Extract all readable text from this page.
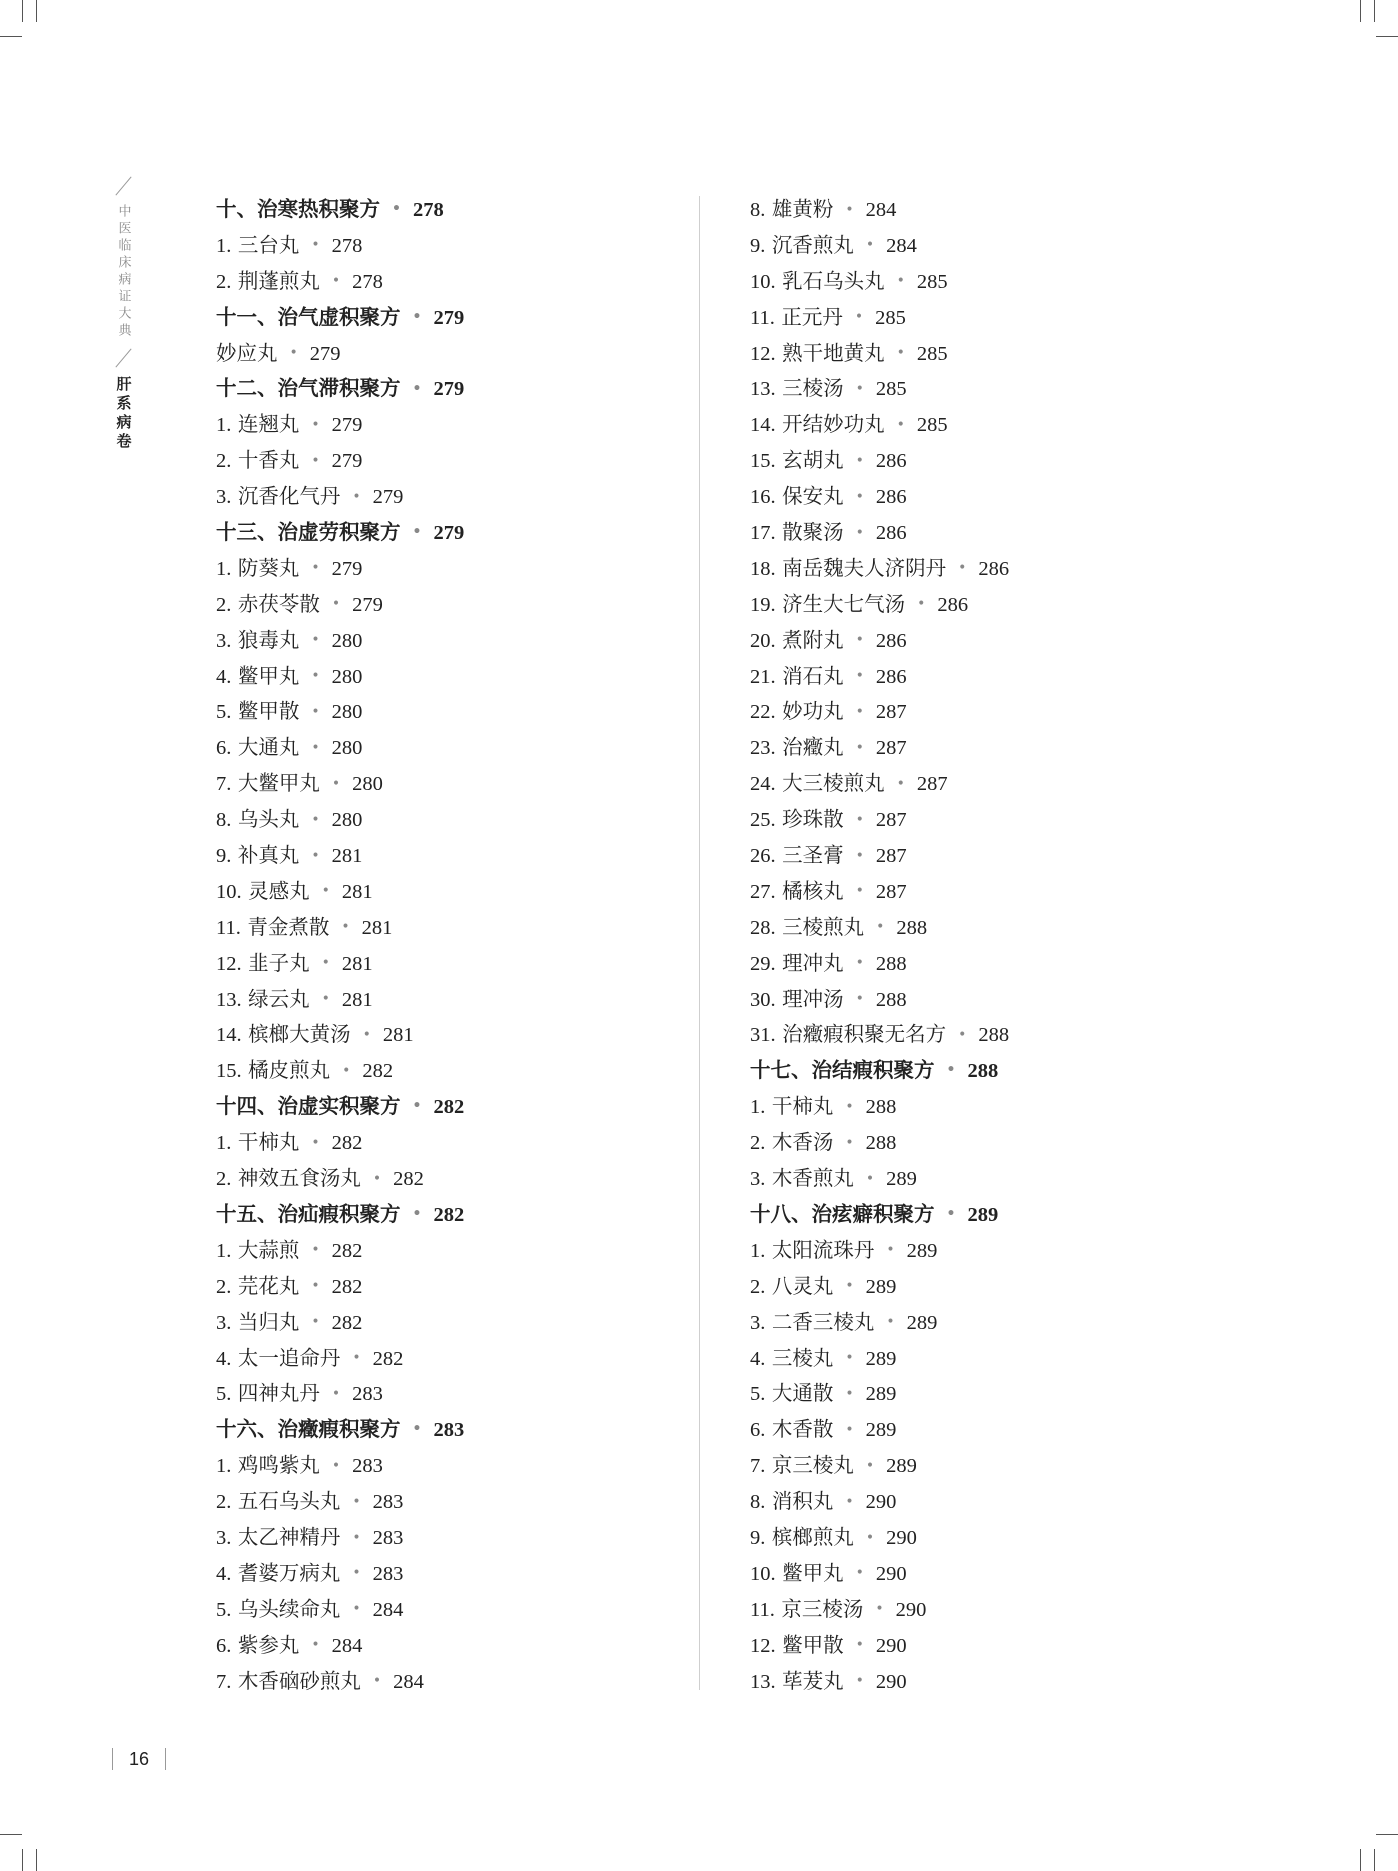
中医临床病证大典
肝系病卷
十、治寒热积聚方 • 278
1. 三台丸 • 278
2. 荆蓬煎丸 • 278
十一、治气虚积聚方 • 279
妙应丸 • 279
十二、治气滞积聚方 • 279
1. 连翘丸 • 279
2. 十香丸 • 279
3. 沉香化气丹 • 279
十三、治虚劳积聚方 • 279
1. 防葵丸 • 279
2. 赤茯苓散 • 279
3. 狼毒丸 • 280
4. 鳖甲丸 • 280
5. 鳖甲散 • 280
6. 大通丸 • 280
7. 大鳖甲丸 • 280
8. 乌头丸 • 280
9. 补真丸 • 281
10. 灵感丸 • 281
11. 青金煮散 • 281
12. 韭子丸 • 281
13. 绿云丸 • 281
14. 槟榔大黄汤 • 281
15. 橘皮煎丸 • 282
十四、治虚实积聚方 • 282
1. 干柿丸 • 282
2. 神效五食汤丸 • 282
十五、治疝瘕积聚方 • 282
1. 大蒜煎 • 282
2. 芫花丸 • 282
3. 当归丸 • 282
4. 太一追命丹 • 282
5. 四神丸丹 • 283
十六、治癥瘕积聚方 • 283
1. 鸡鸣紫丸 • 283
2. 五石乌头丸 • 283
3. 太乙神精丹 • 283
4. 耆婆万病丸 • 283
5. 乌头续命丸 • 284
6. 紫参丸 • 284
7. 木香硇砂煎丸 • 284
8. 雄黄粉 • 284
9. 沉香煎丸 • 284
10. 乳石乌头丸 • 285
11. 正元丹 • 285
12. 熟干地黄丸 • 285
13. 三棱汤 • 285
14. 开结妙功丸 • 285
15. 玄胡丸 • 286
16. 保安丸 • 286
17. 散聚汤 • 286
18. 南岳魏夫人济阴丹 • 286
19. 济生大七气汤 • 286
20. 煮附丸 • 286
21. 消石丸 • 286
22. 妙功丸 • 287
23. 治癥丸 • 287
24. 大三棱煎丸 • 287
25. 珍珠散 • 287
26. 三圣膏 • 287
27. 橘核丸 • 287
28. 三棱煎丸 • 288
29. 理冲丸 • 288
30. 理冲汤 • 288
31. 治癥瘕积聚无名方 • 288
十七、治结瘕积聚方 • 288
1. 干柿丸 • 288
2. 木香汤 • 288
3. 木香煎丸 • 289
十八、治痃癖积聚方 • 289
1. 太阳流珠丹 • 289
2. 八灵丸 • 289
3. 二香三棱丸 • 289
4. 三棱丸 • 289
5. 大通散 • 289
6. 木香散 • 289
7. 京三棱丸 • 289
8. 消积丸 • 290
9. 槟榔煎丸 • 290
10. 鳖甲丸 • 290
11. 京三棱汤 • 290
12. 鳖甲散 • 290
13. 荜茇丸 • 290
16
